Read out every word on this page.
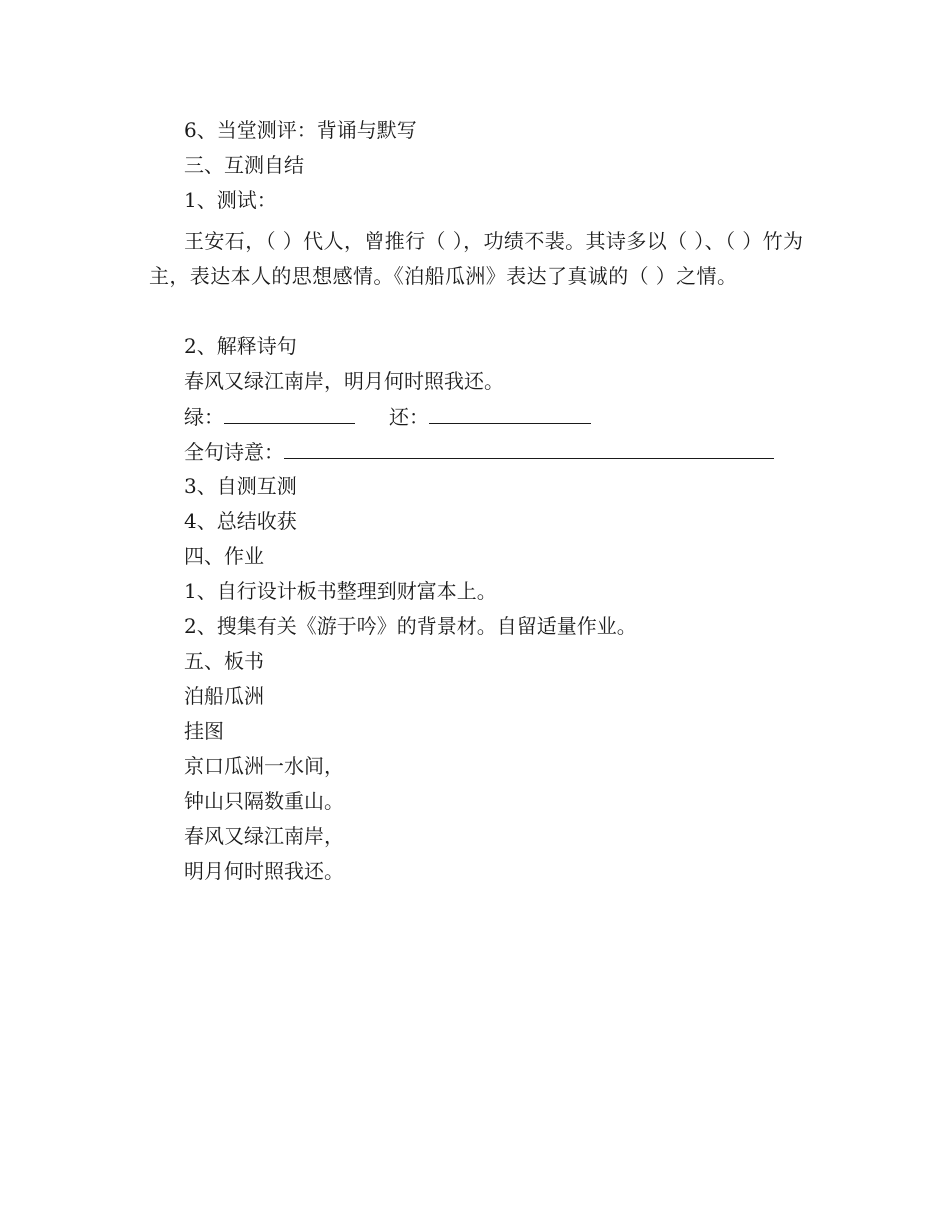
6、当堂测评：背诵与默写
三、互测自结
1、测试：
王安石，（ ）代人，曾推行（ ），功绩不裴。其诗多以（ ）、（ ）竹为主，表达本人的思想感情。《泊船瓜洲》表达了真诚的（ ）之情。
2、解释诗句
春风又绿江南岸，明月何时照我还。
绿：	还：
全句诗意：
3、自测互测
4、总结收获
四、作业
1、自行设计板书整理到财富本上。
2、搜集有关《游于吟》的背景材。自留适量作业。
五、板书
泊船瓜洲
挂图
京口瓜洲一水间，
钟山只隔数重山。
春风又绿江南岸，
明月何时照我还。
